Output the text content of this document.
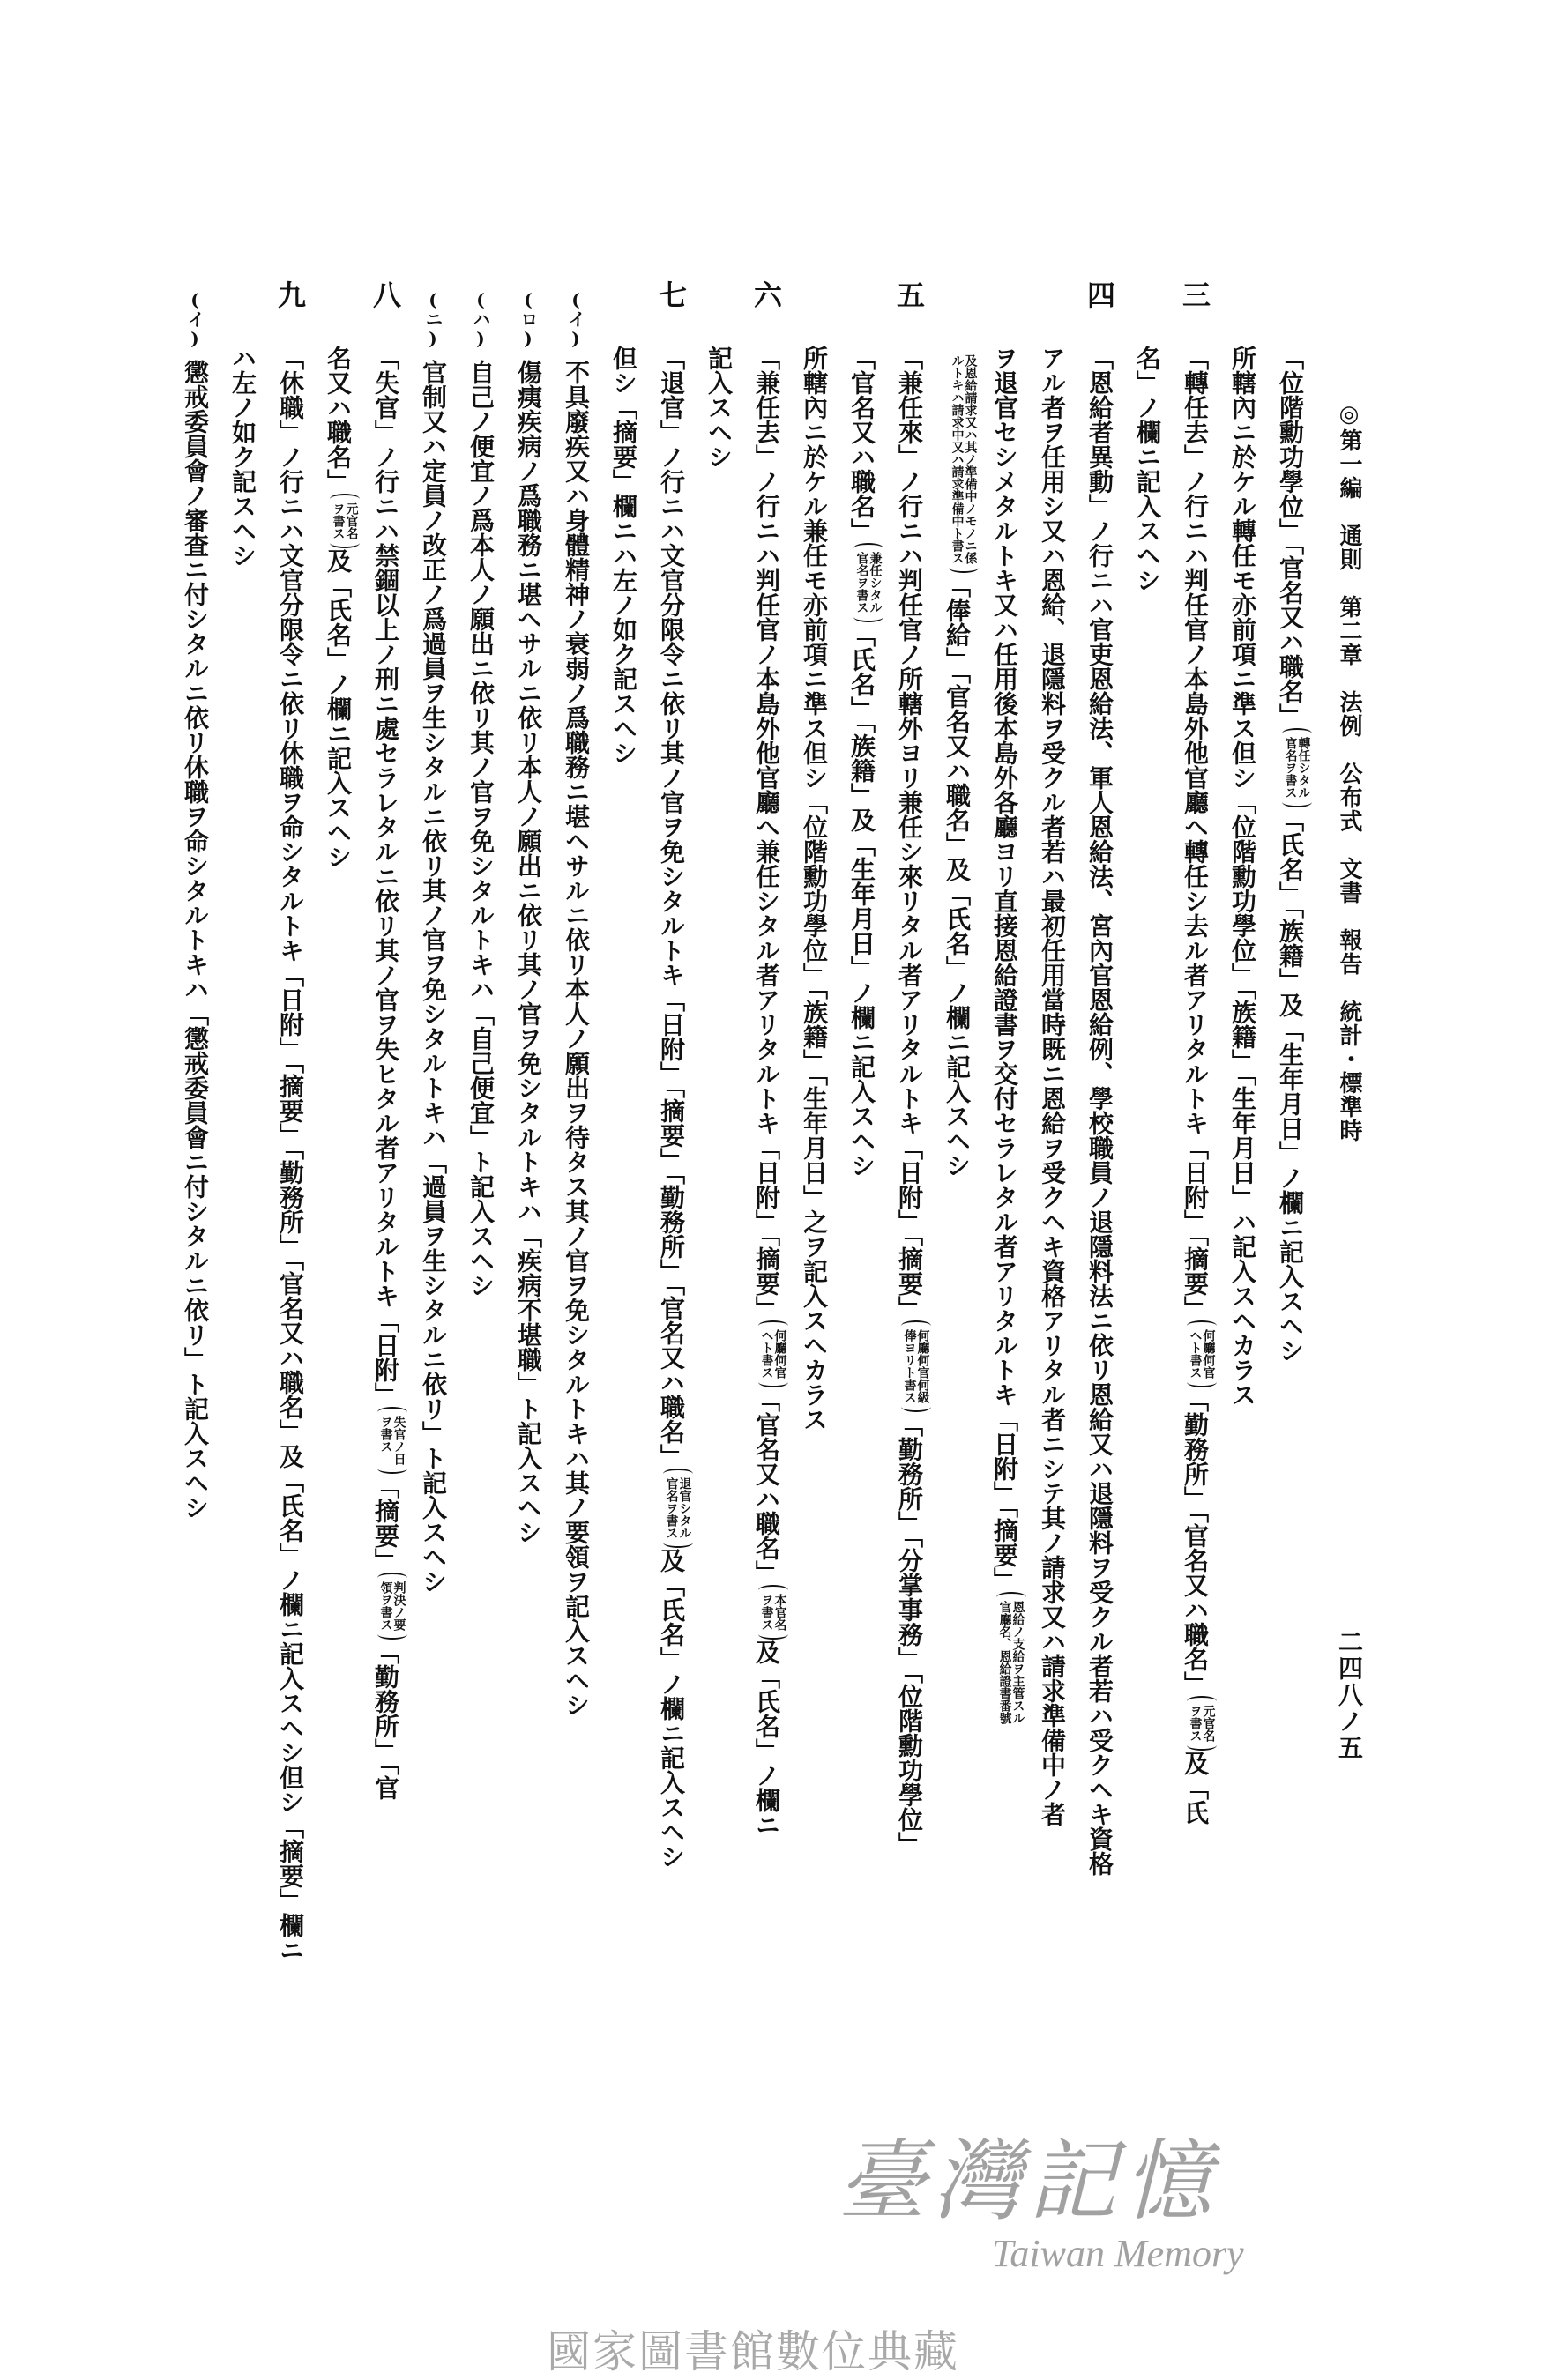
◎第一編　通則　第二章　法例　公布式　文書　報告　統計・標準時
二四八ノ五
「位階勳功學位」「官名又ハ職名」轉任シタル
官名ヲ書ス「氏名」「族籍」及「生年月日」ノ欄ニ記入スヘシ
所轄內ニ於ケル轉任モ亦前項ニ準ス但シ「位階勳功學位」「族籍」「生年月日」ハ記入スヘカラス
三
「轉任去」ノ行ニハ判任官ノ本島外他官廳ヘ轉任シ去ル者アリタルトキ「日附」「摘要」何廳何官
ヘト書ス「勤務所」「官名又ハ職名」元官名
ヲ書ス及「氏
名」ノ欄ニ記入スヘシ
四
「恩給者異動」ノ行ニハ官吏恩給法、軍人恩給法、宮內官恩給例、學校職員ノ退隱料法ニ依リ恩給又ハ退隱料ヲ受クル者若ハ受クヘキ資格
アル者ヲ任用シ又ハ恩給、退隱料ヲ受クル者若ハ最初任用當時既ニ恩給ヲ受クヘキ資格アリタル者ニシテ其ノ請求又ハ請求準備中ノ者
ヲ退官セシメタルトキ又ハ任用後本島外各廳ヨリ直接恩給證書ヲ交付セラレタル者アリタルトキ「日附」「摘要」恩給ノ支給ヲ主管スル
官廳名、恩給證書番號
及恩給請求又ハ其ノ準備中ノモノニ係
ルトキハ請求中又ハ請求準備中ト書ス「俸給」「官名又ハ職名」及「氏名」ノ欄ニ記入スヘシ
五
「兼任來」ノ行ニハ判任官ノ所轄外ヨリ兼任シ來リタル者アリタルトキ「日附」「摘要」何廳何官何級
俸ヨリト書ス「勤務所」「分掌事務」「位階勳功學位」
「官名又ハ職名」兼任シタル
官名ヲ書ス「氏名」「族籍」及「生年月日」ノ欄ニ記入スヘシ
所轄內ニ於ケル兼任モ亦前項ニ準ス但シ「位階勳功學位」「族籍」「生年月日」之ヲ記入スヘカラス
六
「兼任去」ノ行ニハ判任官ノ本島外他官廳ヘ兼任シタル者アリタルトキ「日附」「摘要」何廳何官
ヘト書ス「官名又ハ職名」本官名
ヲ書ス及「氏名」ノ欄ニ
記入スヘシ
七
「退官」ノ行ニハ文官分限令ニ依リ其ノ官ヲ免シタルトキ「日附」「摘要」「勤務所」「官名又ハ職名」退官シタル
官名ヲ書ス及「氏名」ノ欄ニ記入スヘシ
但シ「摘要」欄ニハ左ノ如ク記スヘシ
(イ)
不具廢疾又ハ身體精神ノ衰弱ノ爲職務ニ堪ヘサルニ依リ本人ノ願出ヲ待タス其ノ官ヲ免シタルトキハ其ノ要領ヲ記入スヘシ
(ロ)
傷痍疾病ノ爲職務ニ堪ヘサルニ依リ本人ノ願出ニ依リ其ノ官ヲ免シタルトキハ「疾病不堪職」ト記入スヘシ
(ハ)
自己ノ便宜ノ爲本人ノ願出ニ依リ其ノ官ヲ免シタルトキハ「自己便宜」ト記入スヘシ
(ニ)
官制又ハ定員ノ改正ノ爲過員ヲ生シタルニ依リ其ノ官ヲ免シタルトキハ「過員ヲ生シタルニ依リ」ト記入スヘシ
八
「失官」ノ行ニハ禁錮以上ノ刑ニ處セラレタルニ依リ其ノ官ヲ失ヒタル者アリタルトキ「日附」失官ノ日
ヲ書ス「摘要」判決ノ要
領ヲ書ス「勤務所」「官
名又ハ職名」元官名
ヲ書ス及「氏名」ノ欄ニ記入スヘシ
九
「休職」ノ行ニハ文官分限令ニ依リ休職ヲ命シタルトキ「日附」「摘要」「勤務所」「官名又ハ職名」及「氏名」ノ欄ニ記入スヘシ但シ「摘要」欄ニ
ハ左ノ如ク記スヘシ
(イ)
懲戒委員會ノ審査ニ付シタルニ依リ休職ヲ命シタルトキハ「懲戒委員會ニ付シタルニ依リ」ト記入スヘシ
臺灣記憶
Taiwan Memory
國家圖書館數位典藏
